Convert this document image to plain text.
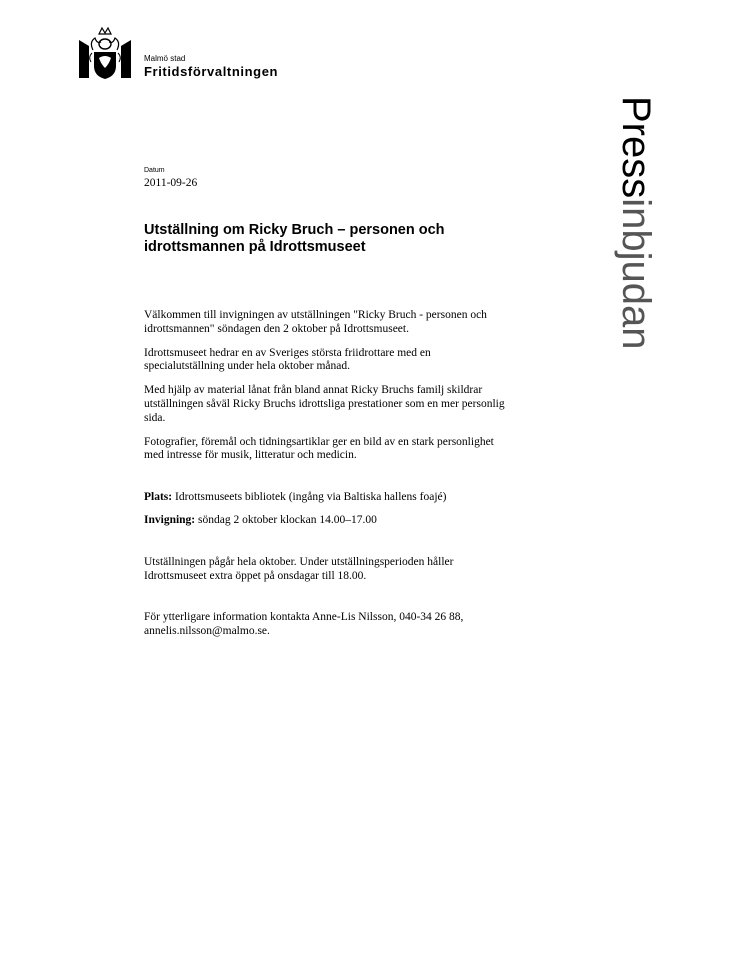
Malmö stad
Fritidsförvaltningen
Pressinbjudan
Datum
2011-09-26
Utställning om Ricky Bruch – personen och
idrottsmannen på Idrottsmuseet
Välkommen till invigningen av utställningen "Ricky Bruch - personen och
idrottsmannen" söndagen den 2 oktober på Idrottsmuseet.
Idrottsmuseet hedrar en av Sveriges största friidrottare med en
specialutställning under hela oktober månad.
Med hjälp av material lånat från bland annat Ricky Bruchs familj skildrar
utställningen såväl Ricky Bruchs idrottsliga prestationer som en mer personlig
sida.
Fotografier, föremål och tidningsartiklar ger en bild av en stark personlighet
med intresse för musik, litteratur och medicin.
Plats: Idrottsmuseets bibliotek (ingång via Baltiska hallens foajé)
Invigning: söndag 2 oktober klockan 14.00–17.00
Utställningen pågår hela oktober. Under utställningsperioden håller
Idrottsmuseet extra öppet på onsdagar till 18.00.
För ytterligare information kontakta Anne-Lis Nilsson, 040-34 26 88,
annelis.nilsson@malmo.se.
